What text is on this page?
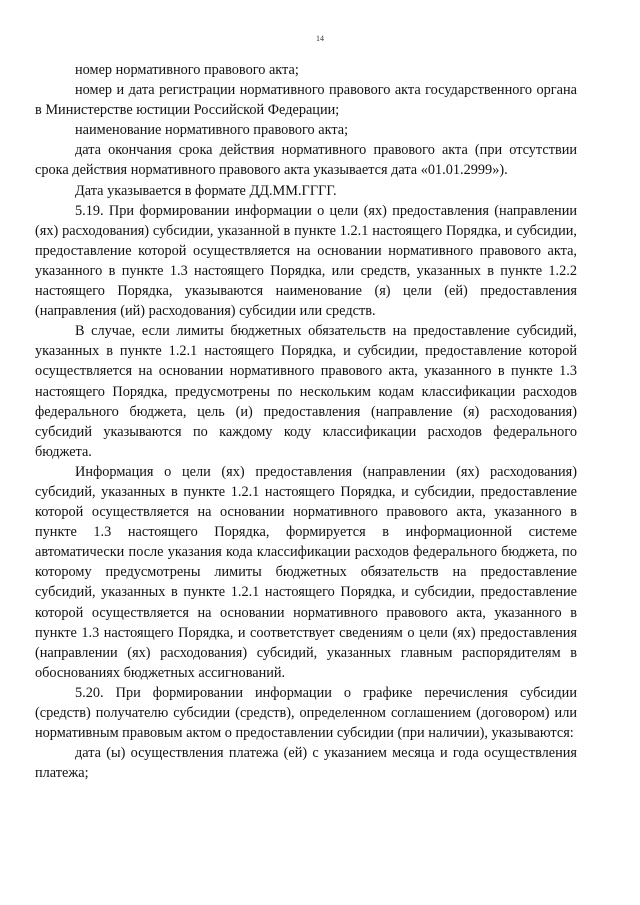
14

номер нормативного правового акта;

номер и дата регистрации нормативного правового акта государственного органа в Министерстве юстиции Российской Федерации;

наименование нормативного правового акта;

дата окончания срока действия нормативного правового акта (при отсутствии срока действия нормативного правового акта указывается дата «01.01.2999»).

Дата указывается в формате ДД.ММ.ГГГГ.

5.19. При формировании информации о цели (ях) предоставления (направлении (ях) расходования) субсидии, указанной в пункте 1.2.1 настоящего Порядка, и субсидии, предоставление которой осуществляется на основании нормативного правового акта, указанного в пункте 1.3 настоящего Порядка, или средств, указанных в пункте 1.2.2 настоящего Порядка, указываются наименование (я) цели (ей) предоставления (направления (ий) расходования) субсидии или средств.

В случае, если лимиты бюджетных обязательств на предоставление субсидий, указанных в пункте 1.2.1 настоящего Порядка, и субсидии, предоставление которой осуществляется на основании нормативного правового акта, указанного в пункте 1.3 настоящего Порядка, предусмотрены по нескольким кодам классификации расходов федерального бюджета, цель (и) предоставления (направление (я) расходования) субсидий указываются по каждому коду классификации расходов федерального бюджета.

Информация о цели (ях) предоставления (направлении (ях) расходования) субсидий, указанных в пункте 1.2.1 настоящего Порядка, и субсидии, предоставление которой осуществляется на основании нормативного правового акта, указанного в пункте 1.3 настоящего Порядка, формируется в информационной системе автоматически после указания кода классификации расходов федерального бюджета, по которому предусмотрены лимиты бюджетных обязательств на предоставление субсидий, указанных в пункте 1.2.1 настоящего Порядка, и субсидии, предоставление которой осуществляется на основании нормативного правового акта, указанного в пункте 1.3 настоящего Порядка, и соответствует сведениям о цели (ях) предоставления (направлении (ях) расходования) субсидий, указанных главным распорядителям в обоснованиях бюджетных ассигнований.

5.20. При формировании информации о графике перечисления субсидии (средств) получателю субсидии (средств), определенном соглашением (договором) или нормативным правовым актом о предоставлении субсидии (при наличии), указываются:

дата (ы) осуществления платежа (ей) с указанием месяца и года осуществления платежа;
